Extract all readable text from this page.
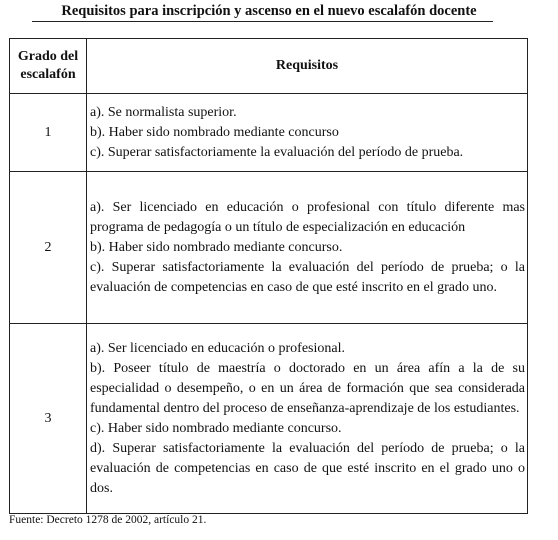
Requisitos para inscripción y ascenso en el nuevo escalafón docente
Grado del
escalafón	Requisitos
1	a). Se normalista superior.

b). Haber sido nombrado mediante concurso

c). Superar satisfactoriamente la evaluación del período de prueba.

2	a). Ser licenciado en educación o profesional con título diferente mas programa de pedagogía o un título de especialización en educación

b). Haber sido nombrado mediante concurso.

c). Superar satisfactoriamente la evaluación del período de prueba; o la evaluación de competencias en caso de que esté inscrito en el grado uno.

3	a). Ser licenciado en educación o profesional.

b). Poseer título de maestría o doctorado en un área afín a la de su especialidad o desempeño, o en un área de formación que sea considerada fundamental dentro del proceso de enseñanza-aprendizaje de los estudiantes.

c). Haber sido nombrado mediante concurso.

d). Superar satisfactoriamente la evaluación del período de prueba; o la evaluación de competencias en caso de que esté inscrito en el grado uno o dos.

Fuente: Decreto 1278 de 2002, artículo 21.
